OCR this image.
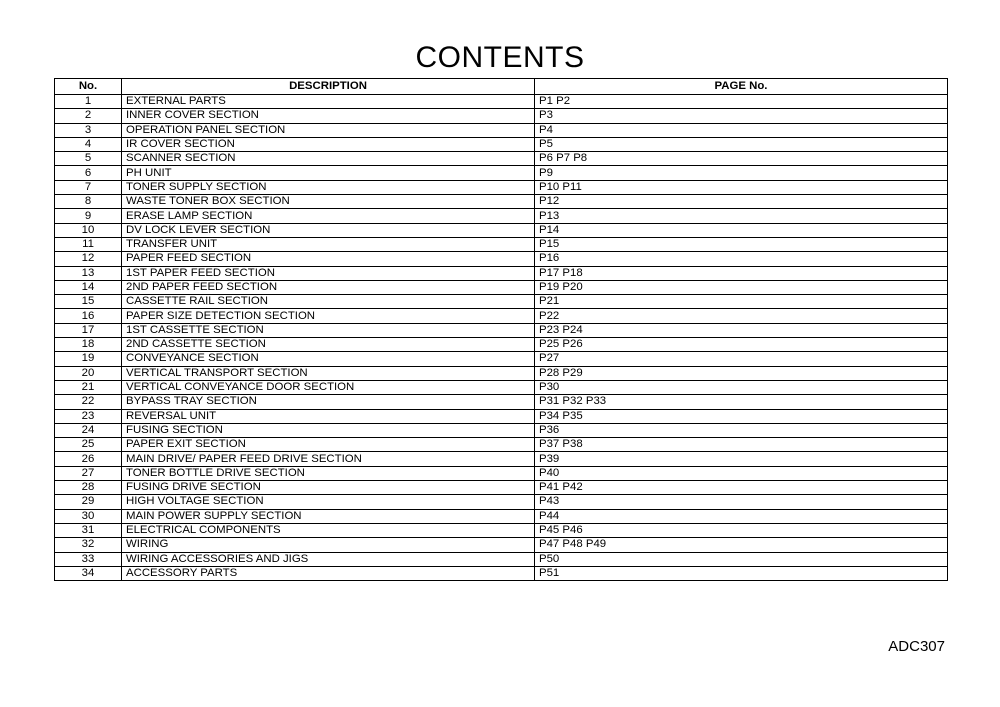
CONTENTS
No.	DESCRIPTION	PAGE No.
1	EXTERNAL PARTS	P1 P2
2	INNER COVER SECTION	P3
3	OPERATION PANEL SECTION	P4
4	IR COVER SECTION	P5
5	SCANNER SECTION	P6 P7 P8
6	PH UNIT	P9
7	TONER SUPPLY SECTION	P10 P11
8	WASTE TONER BOX SECTION	P12
9	ERASE LAMP SECTION	P13
10	DV LOCK LEVER SECTION	P14
11	TRANSFER UNIT	P15
12	PAPER FEED SECTION	P16
13	1ST PAPER FEED SECTION	P17 P18
14	2ND PAPER FEED SECTION	P19 P20
15	CASSETTE RAIL SECTION	P21
16	PAPER SIZE DETECTION SECTION	P22
17	1ST CASSETTE SECTION	P23 P24
18	2ND CASSETTE SECTION	P25 P26
19	CONVEYANCE SECTION	P27
20	VERTICAL TRANSPORT SECTION	P28 P29
21	VERTICAL CONVEYANCE DOOR SECTION	P30
22	BYPASS TRAY SECTION	P31 P32 P33
23	REVERSAL UNIT	P34 P35
24	FUSING SECTION	P36
25	PAPER EXIT SECTION	P37 P38
26	MAIN DRIVE/ PAPER FEED DRIVE SECTION	P39
27	TONER BOTTLE DRIVE SECTION	P40
28	FUSING DRIVE SECTION	P41 P42
29	HIGH VOLTAGE SECTION	P43
30	MAIN POWER SUPPLY SECTION	P44
31	ELECTRICAL COMPONENTS	P45 P46
32	WIRING	P47 P48 P49
33	WIRING ACCESSORIES AND JIGS	P50
34	ACCESSORY PARTS	P51
ADC307
